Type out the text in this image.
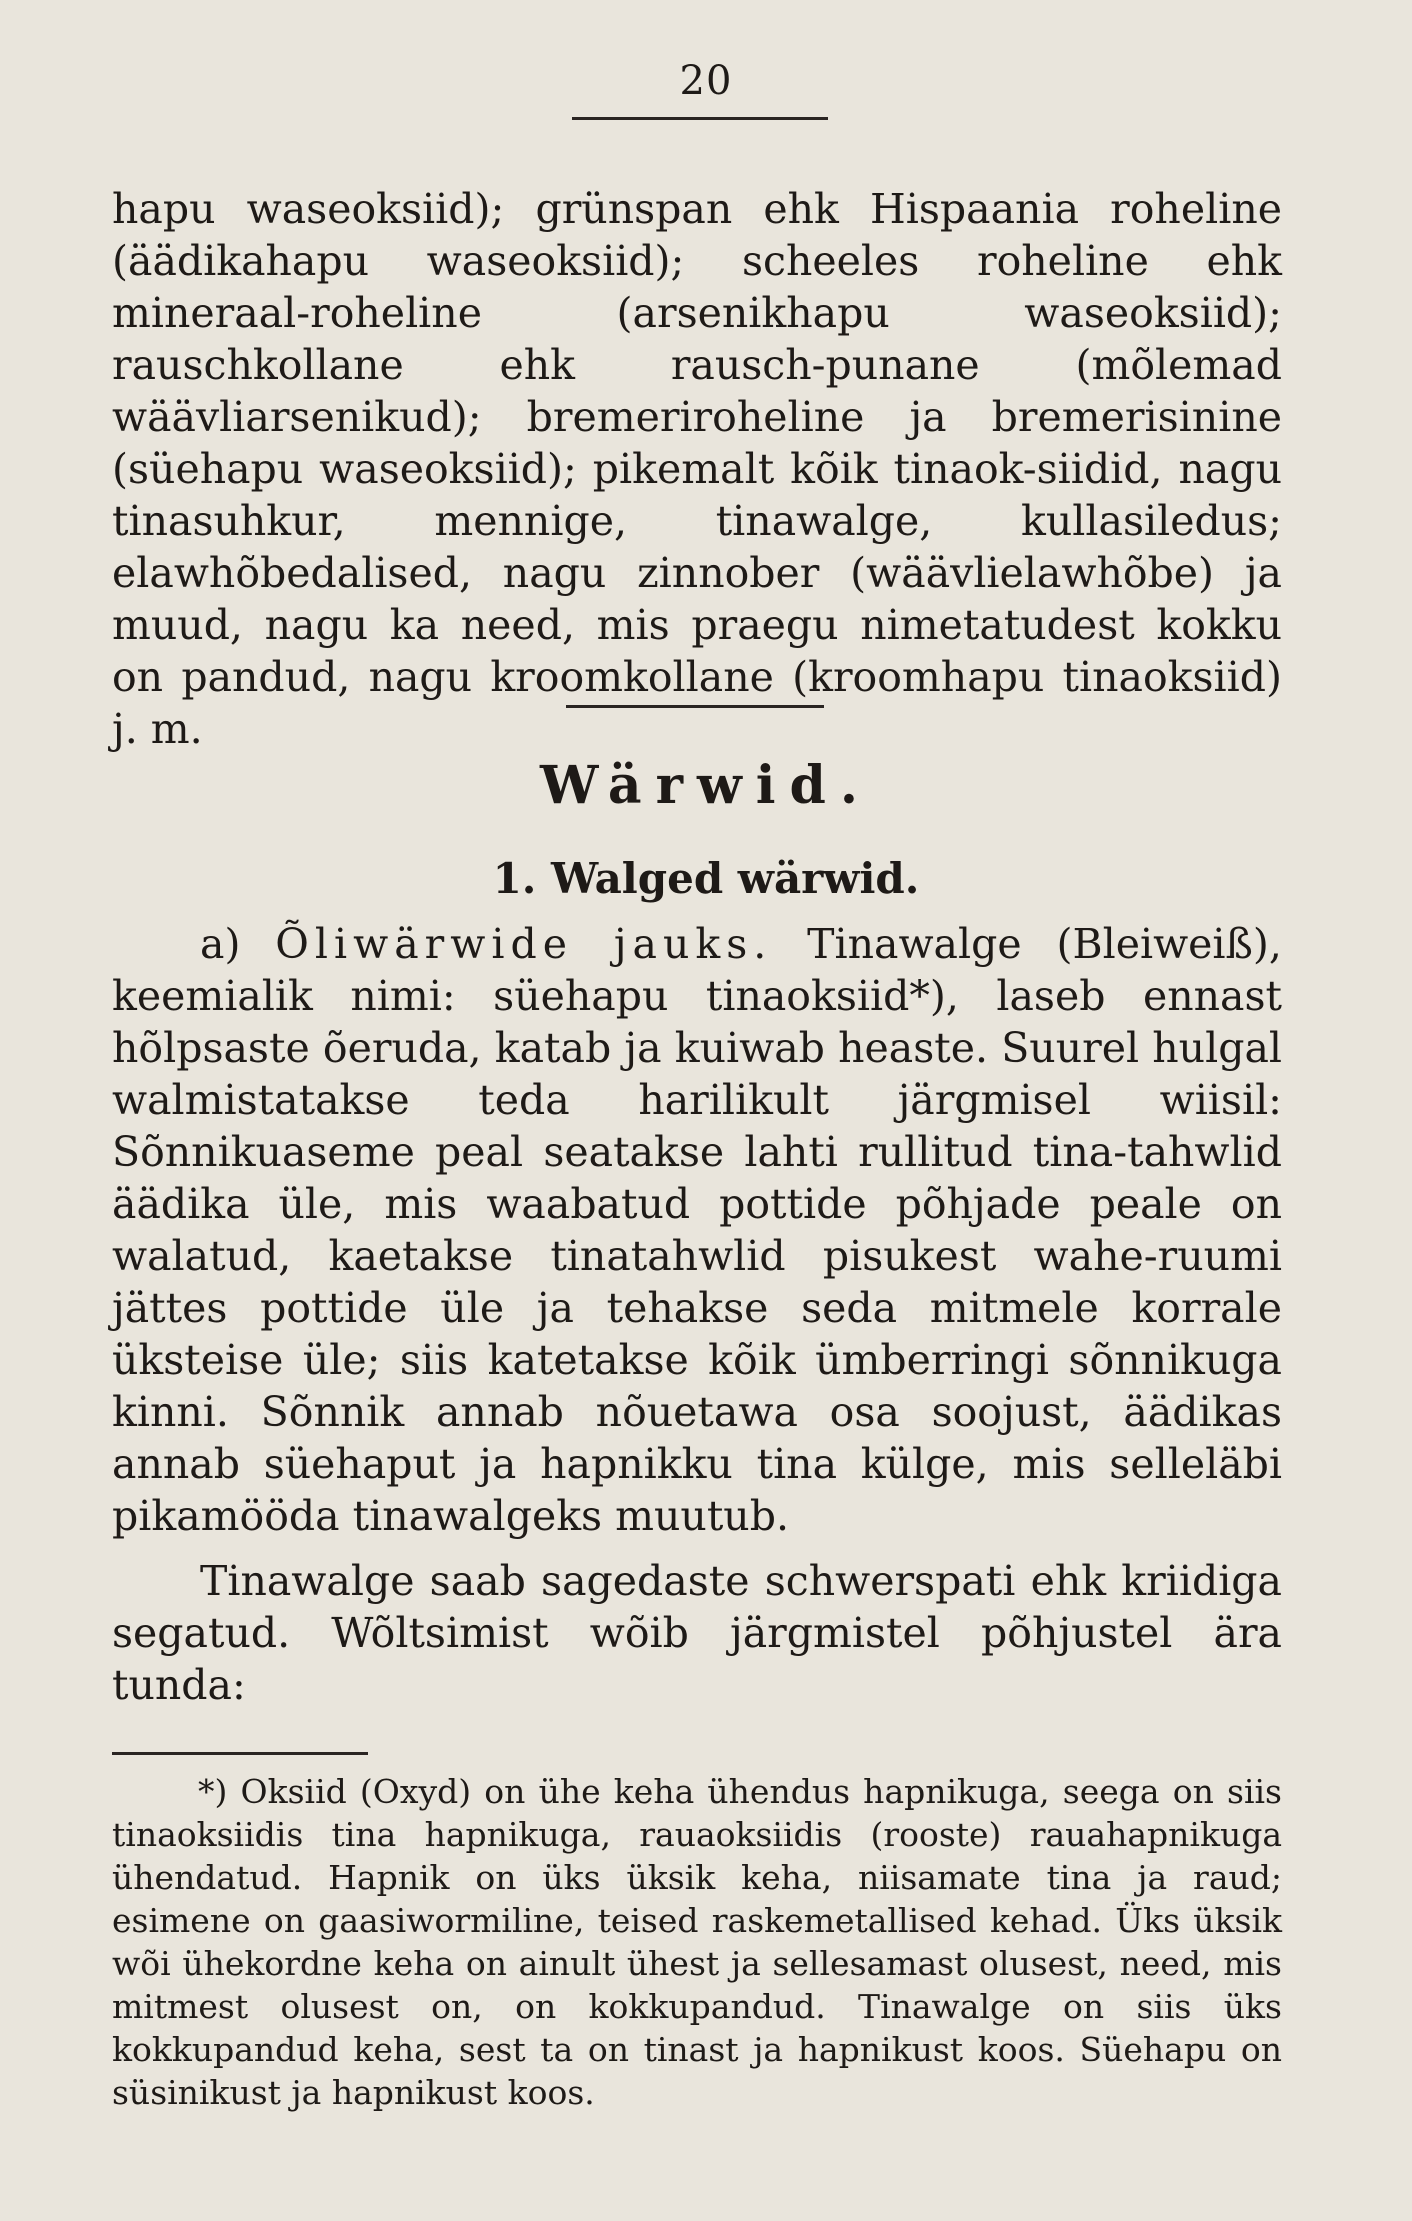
20

hapu waseoksiid); grünspan ehk Hispaania roheline (äädikahapu waseoksiid); scheeles roheline ehk mineraal-roheline (arsenikhapu waseoksiid); rauschkollane ehk rausch-punane (mõlemad wäävliarsenikud); bremeriroheline ja bremerisinine (süehapu waseoksiid); pikemalt kõik tinaok-siidid, nagu tinasuhkur, mennige, tinawalge, kullasiledus; elawhõbedalised, nagu zinnober (wäävlielawhõbe) ja muud, nagu ka need, mis praegu nimetatudest kokku on pandud, nagu kroomkollane (kroomhapu tinaoksiid) j. m.

Wärwid.
1. Walged wärwid.

a) Õliwärwide jauks. Tinawalge (Bleiweiß), keemialik nimi: süehapu tinaoksiid*), laseb ennast hõlpsaste õeruda, katab ja kuiwab heaste. Suurel hulgal walmistatakse teda harilikult järgmisel wiisil: Sõnnikuaseme peal seatakse lahti rullitud tina-tahwlid äädika üle, mis waabatud pottide põhjade peale on walatud, kaetakse tinatahwlid pisukest wahe-ruumi jättes pottide üle ja tehakse seda mitmele korrale üksteise üle; siis katetakse kõik ümberringi sõnnikuga kinni. Sõnnik annab nõuetawa osa soojust, äädikas annab süehaput ja hapnikku tina külge, mis selleläbi pikamööda tinawalgeks muutub.

Tinawalge saab sagedaste schwerspati ehk kriidiga segatud. Wõltsimist wõib järgmistel põhjustel ära tunda:

*) Oksiid (Oxyd) on ühe keha ühendus hapnikuga, seega on siis tinaoksiidis tina hapnikuga, rauaoksiidis (rooste) rauahapnikuga ühendatud. Hapnik on üks üksik keha, niisamate tina ja raud; esimene on gaasiwormiline, teised raskemetallised kehad. Üks üksik wõi ühekordne keha on ainult ühest ja sellesamast olusest, need, mis mitmest olusest on, on kokkupandud. Tinawalge on siis üks kokkupandud keha, sest ta on tinast ja hapnikust koos. Süehapu on süsinikust ja hapnikust koos.
